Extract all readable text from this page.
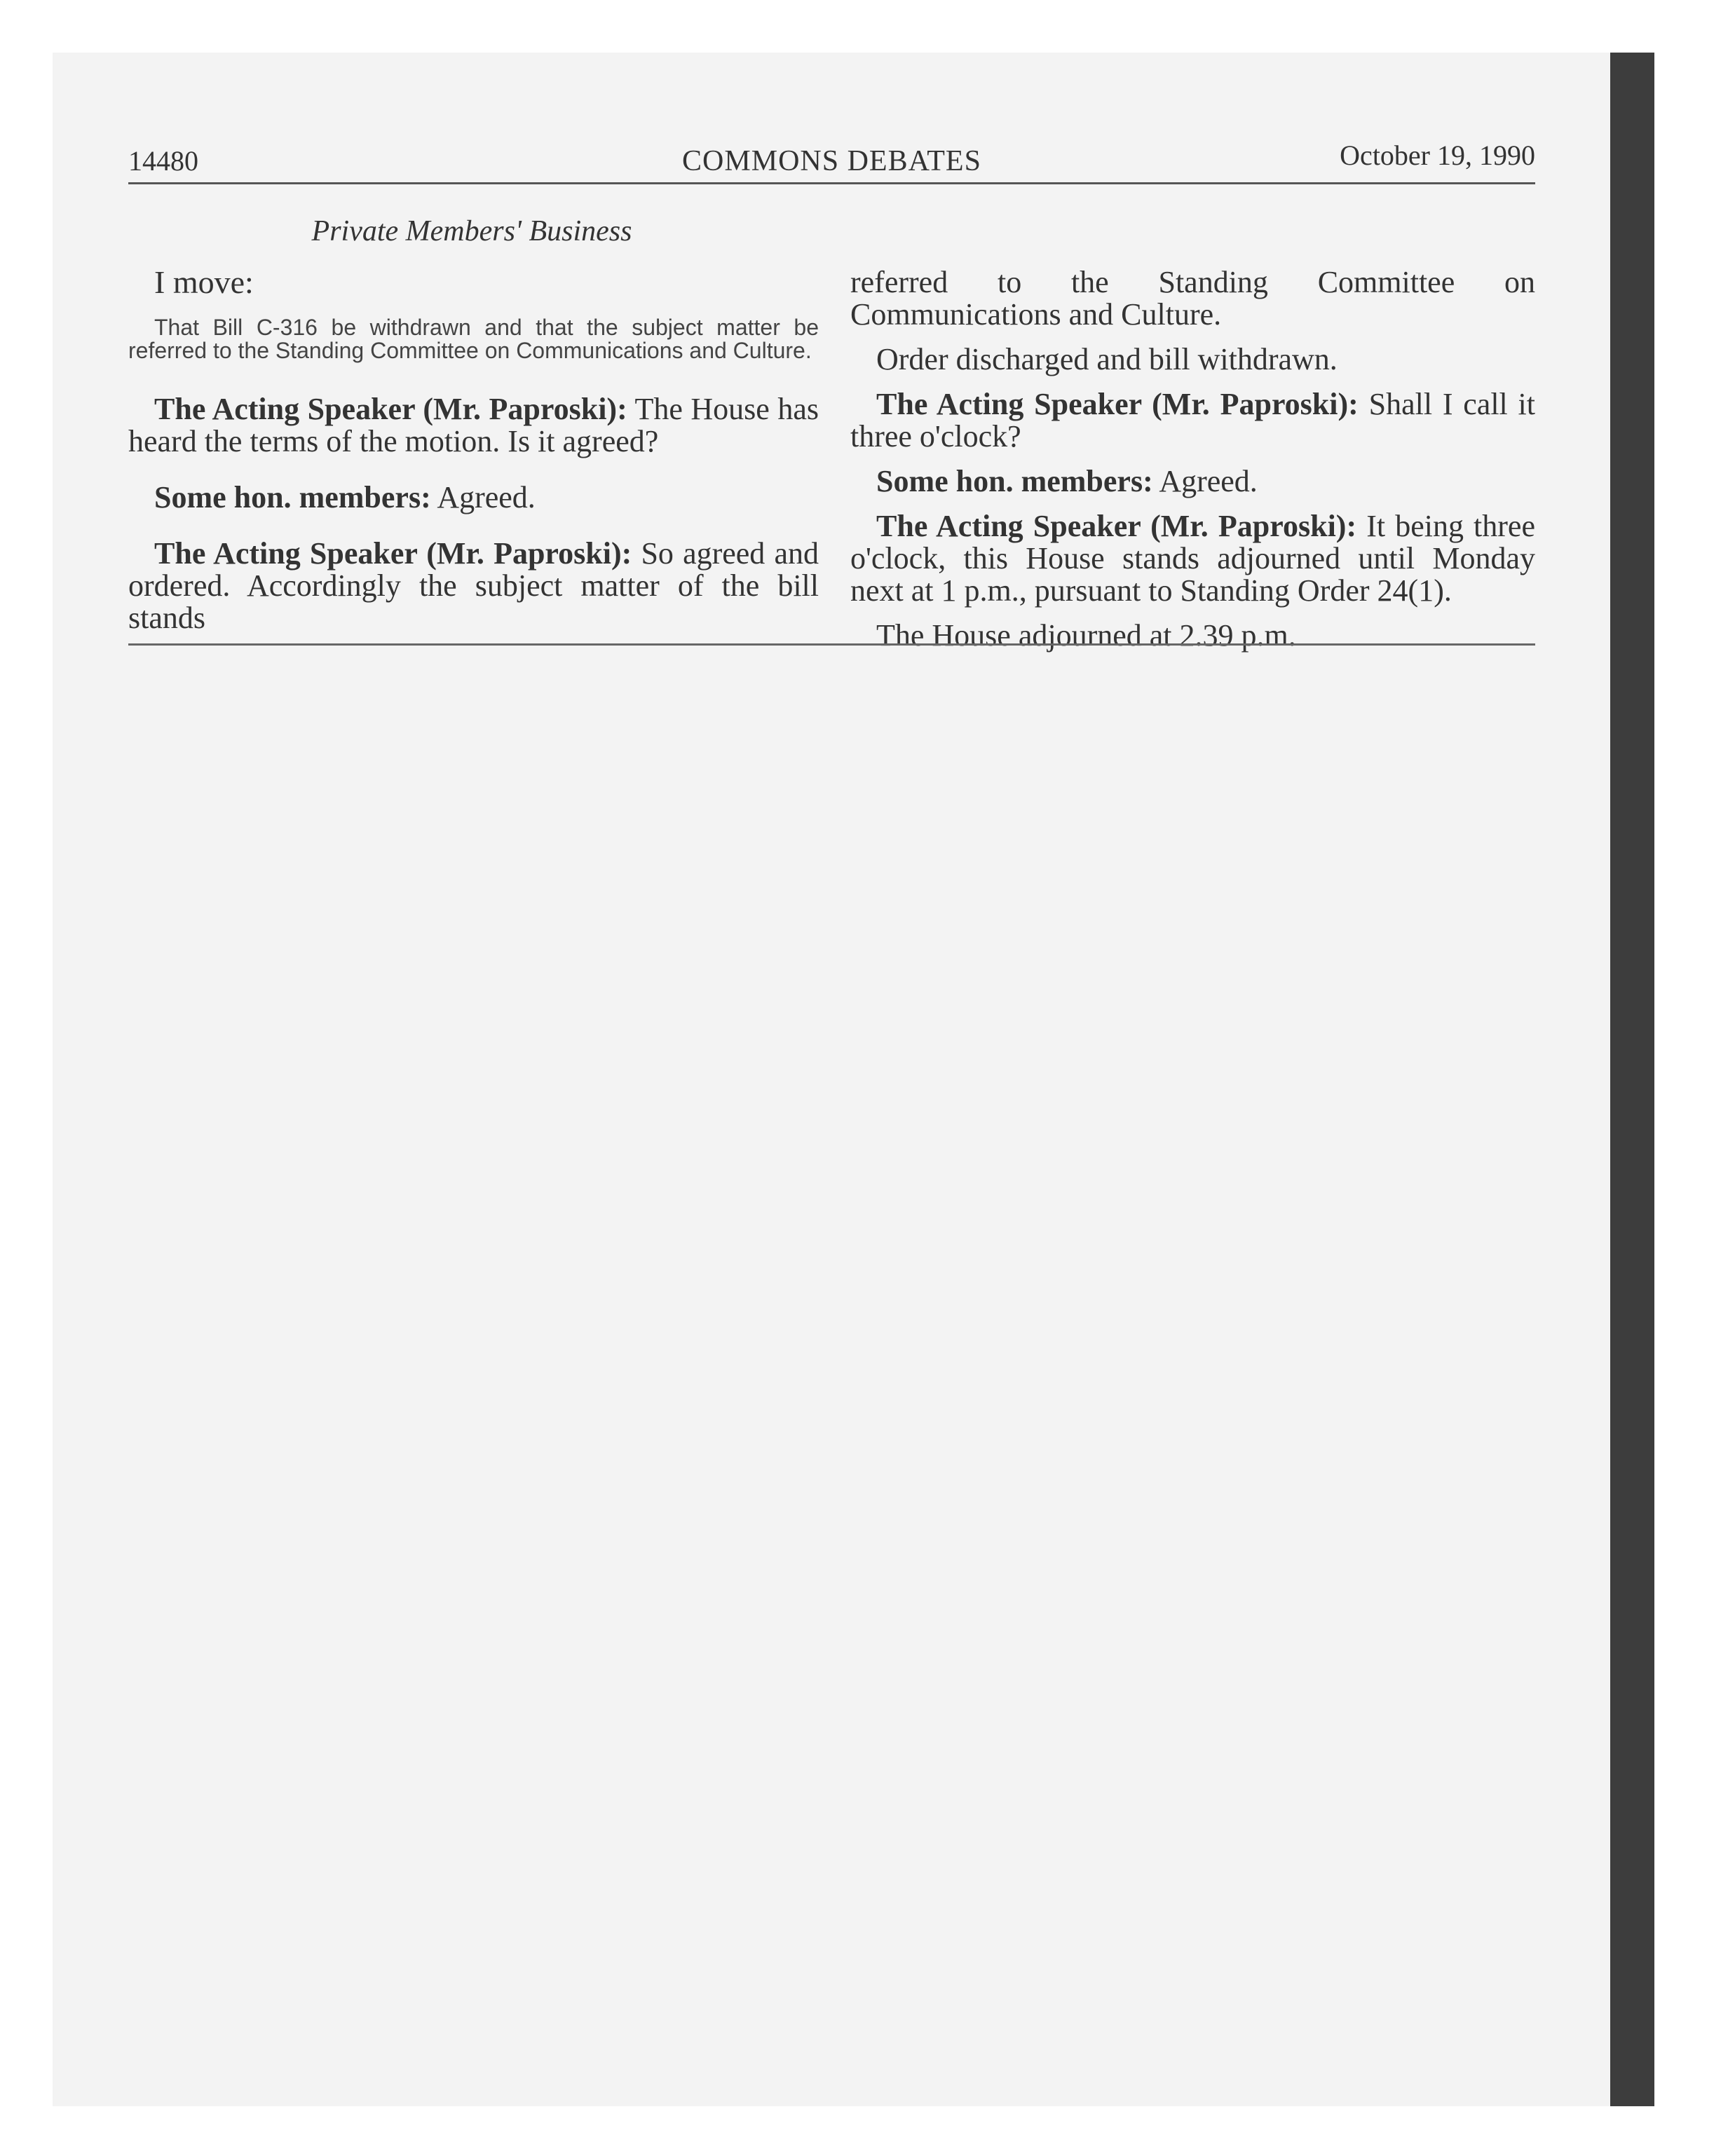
14480	COMMONS DEBATES	October 19, 1990
Private Members' Business

I move:

That Bill C-316 be withdrawn and that the subject matter be referred to the Standing Committee on Communications and Culture.

The Acting Speaker (Mr. Paproski): The House has heard the terms of the motion. Is it agreed?

Some hon. members: Agreed.

The Acting Speaker (Mr. Paproski): So agreed and ordered. Accordingly the subject matter of the bill stands

referred to the Standing Committee on Communications and Culture.

Order discharged and bill withdrawn.

The Acting Speaker (Mr. Paproski): Shall I call it three o'clock?

Some hon. members: Agreed.

The Acting Speaker (Mr. Paproski): It being three o'clock, this House stands adjourned until Monday next at 1 p.m., pursuant to Standing Order 24(1).

The House adjourned at 2.39 p.m.
